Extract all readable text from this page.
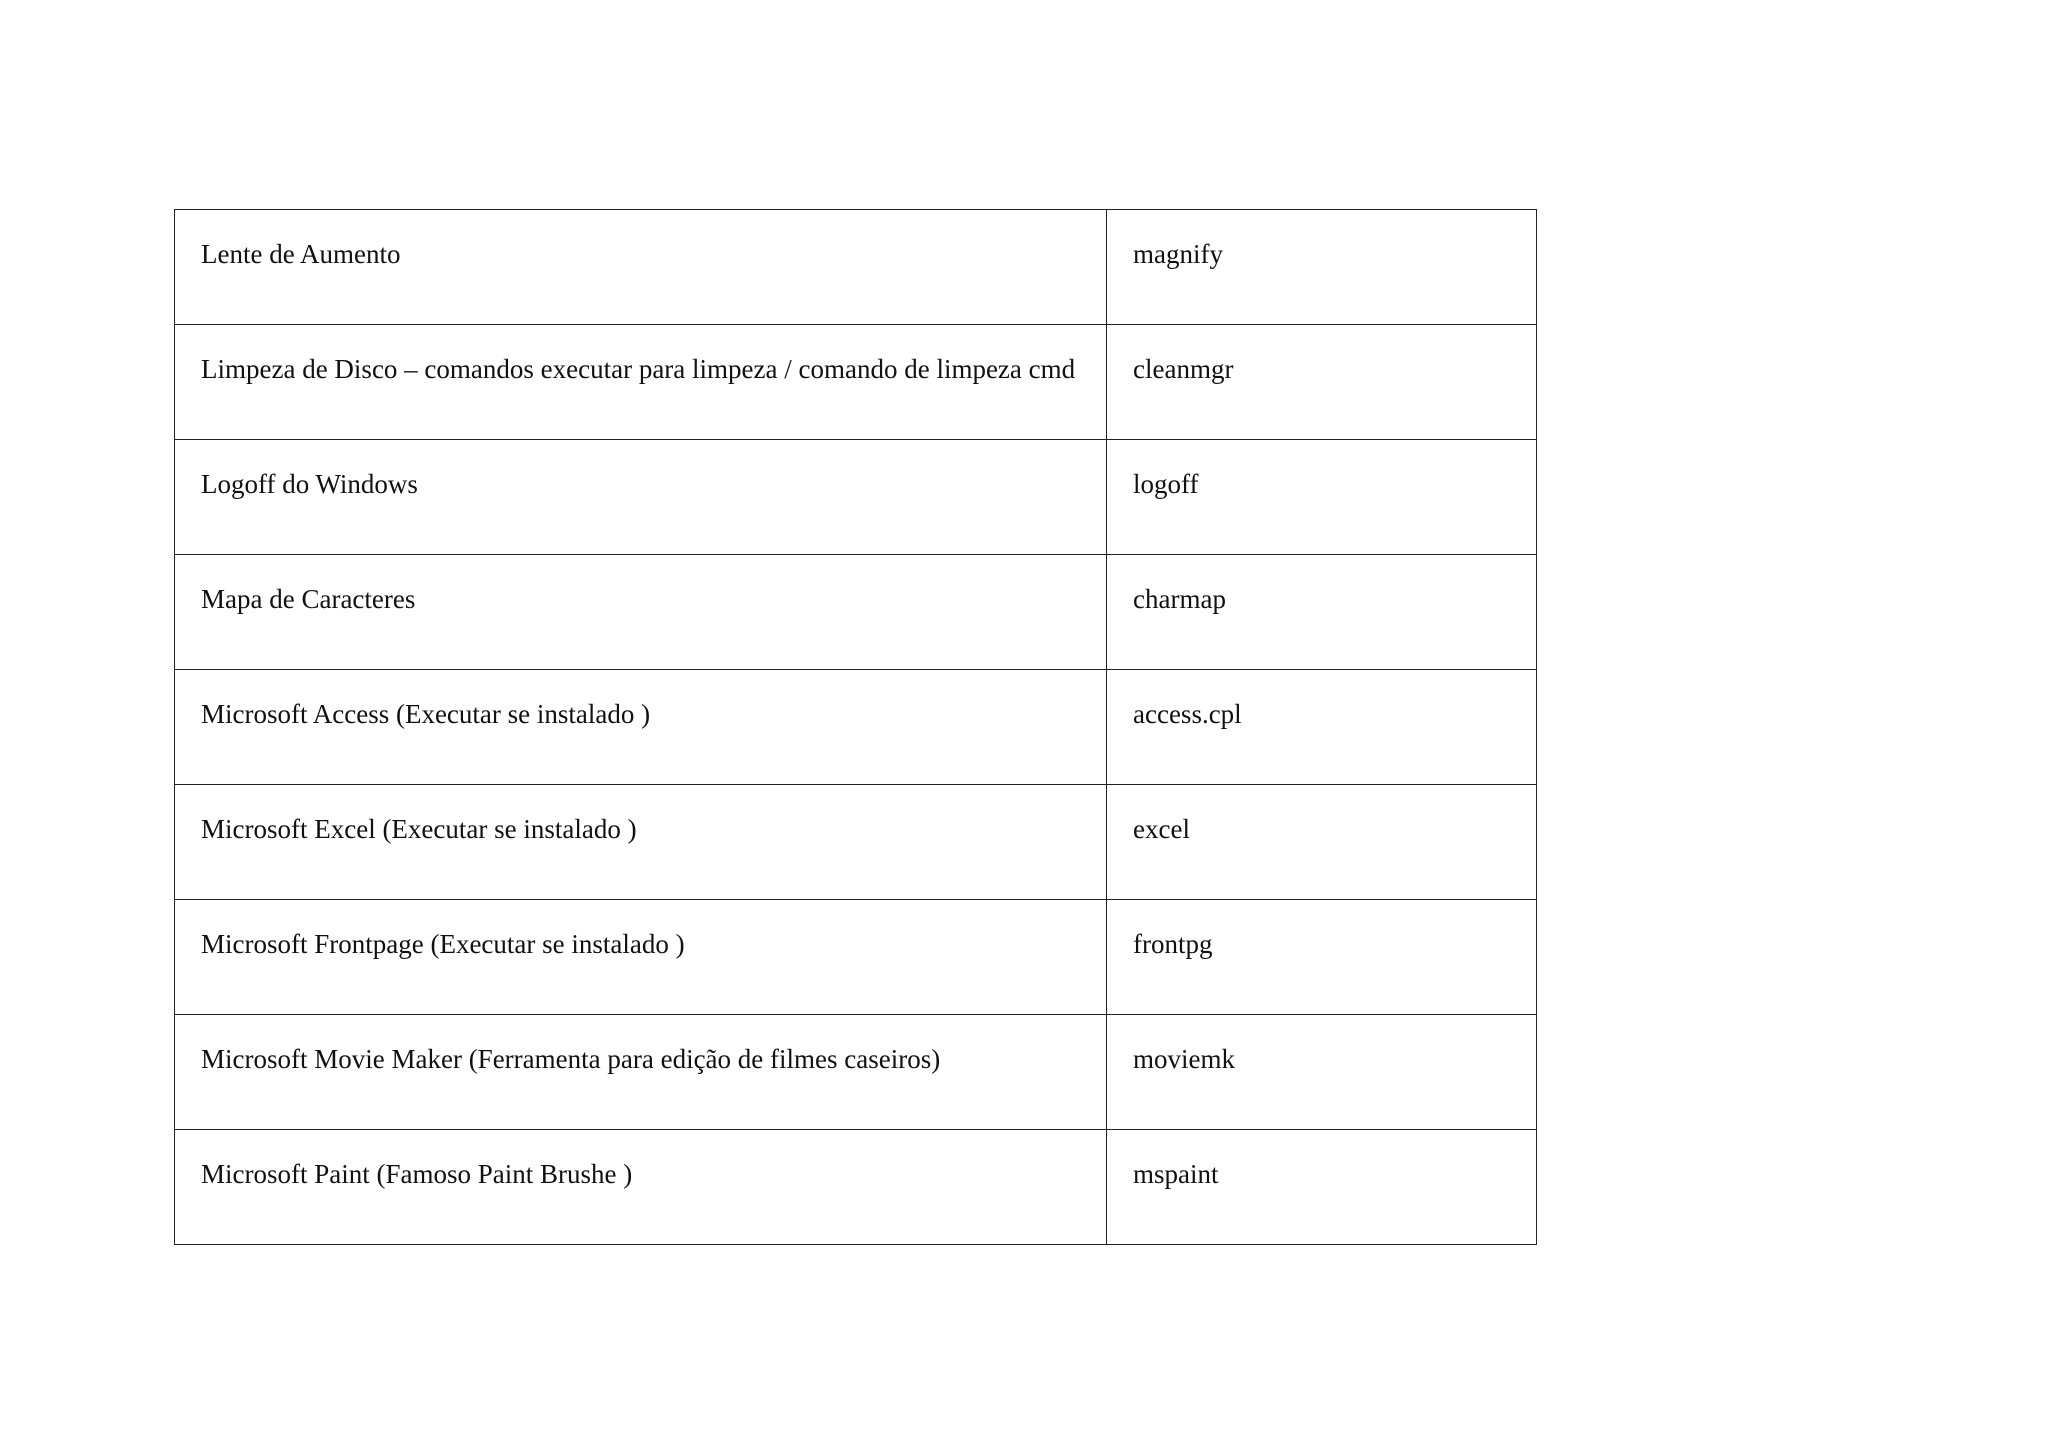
Lente de Aumento	magnify
Limpeza de Disco – comandos executar para limpeza / comando de limpeza cmd	cleanmgr
Logoff do Windows	logoff
Mapa de Caracteres	charmap
Microsoft Access (Executar se instalado )	access.cpl
Microsoft Excel (Executar se instalado )	excel
Microsoft Frontpage (Executar se instalado )	frontpg
Microsoft Movie Maker (Ferramenta para edição de filmes caseiros)	moviemk
Microsoft Paint (Famoso Paint Brushe )	mspaint
